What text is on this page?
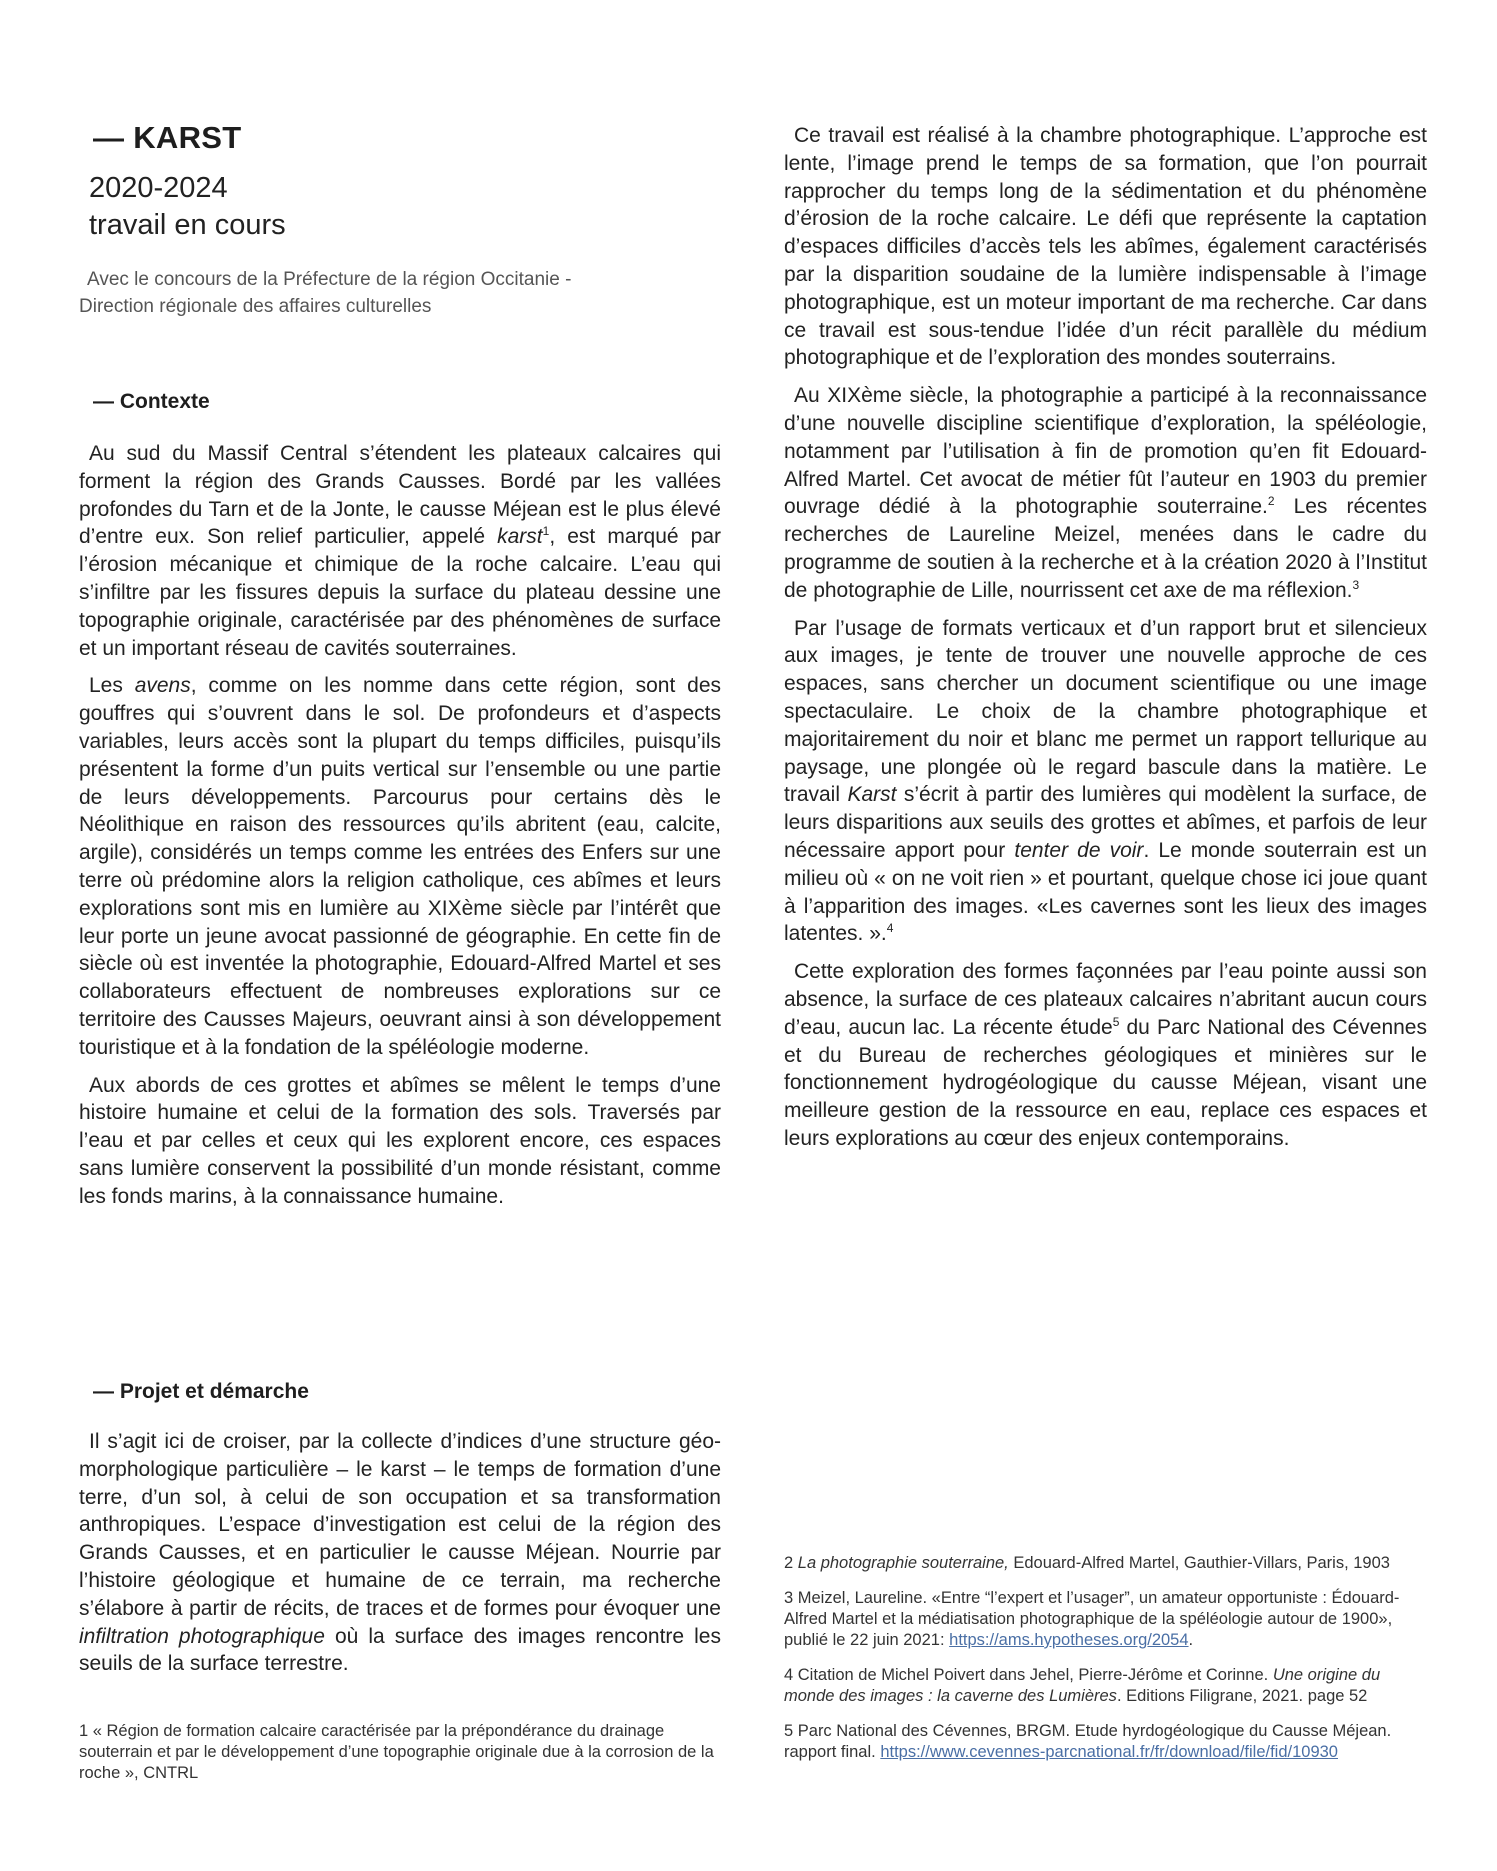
— KARST
2020-2024
travail en cours
Avec le concours de la Préfecture de la région Occitanie -
Direction régionale des affaires culturelles
— Contexte

Au sud du Massif Central s’étendent les plateaux calcaires qui forment la région des Grands Causses. Bordé par les vallées profondes du Tarn et de la Jonte, le causse Méjean est le plus élevé d’entre eux. Son relief particulier, appelé karst$^1$, est marqué par l’érosion mécanique et chimique de la roche calcaire. L’eau qui s’infiltre par les fissures depuis la surface du plateau dessine une topographie originale, caractérisée par des phénomènes de surface et un important réseau de cavités souterraines.

Les avens, comme on les nomme dans cette région, sont des gouffres qui s’ouvrent dans le sol. De profondeurs et d’aspects variables, leurs accès sont la plupart du temps difficiles, puisqu’ils présentent la forme d’un puits vertical sur l’ensemble ou une partie de leurs développements. Parcourus pour certains dès le Néolithique en raison des ressources qu’ils abritent (eau, calcite, argile), considérés un temps comme les entrées des Enfers sur une terre où prédomine alors la religion catholique, ces abîmes et leurs explorations sont mis en lumière au XIXème siècle par l’intérêt que leur porte un jeune avocat passionné de géographie. En cette fin de siècle où est inventée la photographie, Edouard-Alfred Martel et ses collaborateurs effectuent de nombreuses explorations sur ce territoire des Causses Majeurs, oeuvrant ainsi à son développement touristique et à la fondation de la spéléologie moderne.

Aux abords de ces grottes et abîmes se mêlent le temps d’une histoire humaine et celui de la formation des sols. Traversés par l’eau et par celles et ceux qui les explorent encore, ces espaces sans lumière conservent la possibilité d’un monde résistant, comme les fonds marins, à la connaissance humaine.

— Projet et démarche

Il s’agit ici de croiser, par la collecte d’indices d’une structure géo-morphologique particulière – le karst – le temps de formation d’une terre, d’un sol, à celui de son occupation et sa transformation anthropiques. L’espace d’investigation est celui de la région des Grands Causses, et en particulier le causse Méjean. Nourrie par l’histoire géologique et humaine de ce terrain, ma recherche s’élabore à partir de récits, de traces et de formes pour évoquer une infiltration photographique où la surface des images rencontre les seuils de la surface terrestre.

1 « Région de formation calcaire caractérisée par la prépondérance du drainage souterrain et par le développement d’une topographie originale due à la corrosion de la roche », CNTRL

Ce travail est réalisé à la chambre photographique. L’approche est lente, l’image prend le temps de sa formation, que l’on pourrait rapprocher du temps long de la sédimentation et du phénomène d’érosion de la roche calcaire. Le défi que représente la captation d’espaces difficiles d’accès tels les abîmes, également caractérisés par la disparition soudaine de la lumière indispensable à l’image photographique, est un moteur important de ma recherche. Car dans ce travail est sous-tendue l’idée d’un récit parallèle du médium photographique et de l’exploration des mondes souterrains.

Au XIXème siècle, la photographie a participé à la reconnaissance d’une nouvelle discipline scientifique d’exploration, la spéléologie, notamment par l’utilisation à fin de promotion qu’en fit Edouard-Alfred Martel. Cet avocat de métier fût l’auteur en 1903 du premier ouvrage dédié à la photographie souterraine.$^2$ Les récentes recherches de Laureline Meizel, menées dans le cadre du programme de soutien à la recherche et à la création 2020 à l’Institut de photographie de Lille, nourrissent cet axe de ma réflexion.$^3$

Par l’usage de formats verticaux et d’un rapport brut et silencieux aux images, je tente de trouver une nouvelle approche de ces espaces, sans chercher un document scientifique ou une image spectaculaire. Le choix de la chambre photographique et majoritairement du noir et blanc me permet un rapport tellurique au paysage, une plongée où le regard bascule dans la matière. Le travail Karst s’écrit à partir des lumières qui modèlent la surface, de leurs disparitions aux seuils des grottes et abîmes, et parfois de leur nécessaire apport pour tenter de voir. Le monde souterrain est un milieu où « on ne voit rien » et pourtant, quelque chose ici joue quant à l’apparition des images. «Les cavernes sont les lieux des images latentes. ».$^4$

Cette exploration des formes façonnées par l’eau pointe aussi son absence, la surface de ces plateaux calcaires n’abritant aucun cours d’eau, aucun lac. La récente étude$^5$ du Parc National des Cévennes et du Bureau de recherches géologiques et minières sur le fonctionnement hydrogéologique du causse Méjean, visant une meilleure gestion de la ressource en eau, replace ces espaces et leurs explorations au cœur des enjeux contemporains.

2 La photographie souterraine, Edouard-Alfred Martel, Gauthier-Villars, Paris, 1903

3 Meizel, Laureline. «Entre “l’expert et l’usager”, un amateur opportuniste : Édouard-Alfred Martel et la médiatisation photographique de la spéléologie autour de 1900», publié le 22 juin 2021: https://ams.hypotheses.org/2054.

4 Citation de Michel Poivert dans Jehel, Pierre-Jérôme et Corinne. Une origine du monde des images : la caverne des Lumières. Editions Filigrane, 2021. page 52

5 Parc National des Cévennes, BRGM. Etude hyrdogéologique du Causse Méjean. rapport final. https://www.cevennes-parcnational.fr/fr/download/file/fid/10930
